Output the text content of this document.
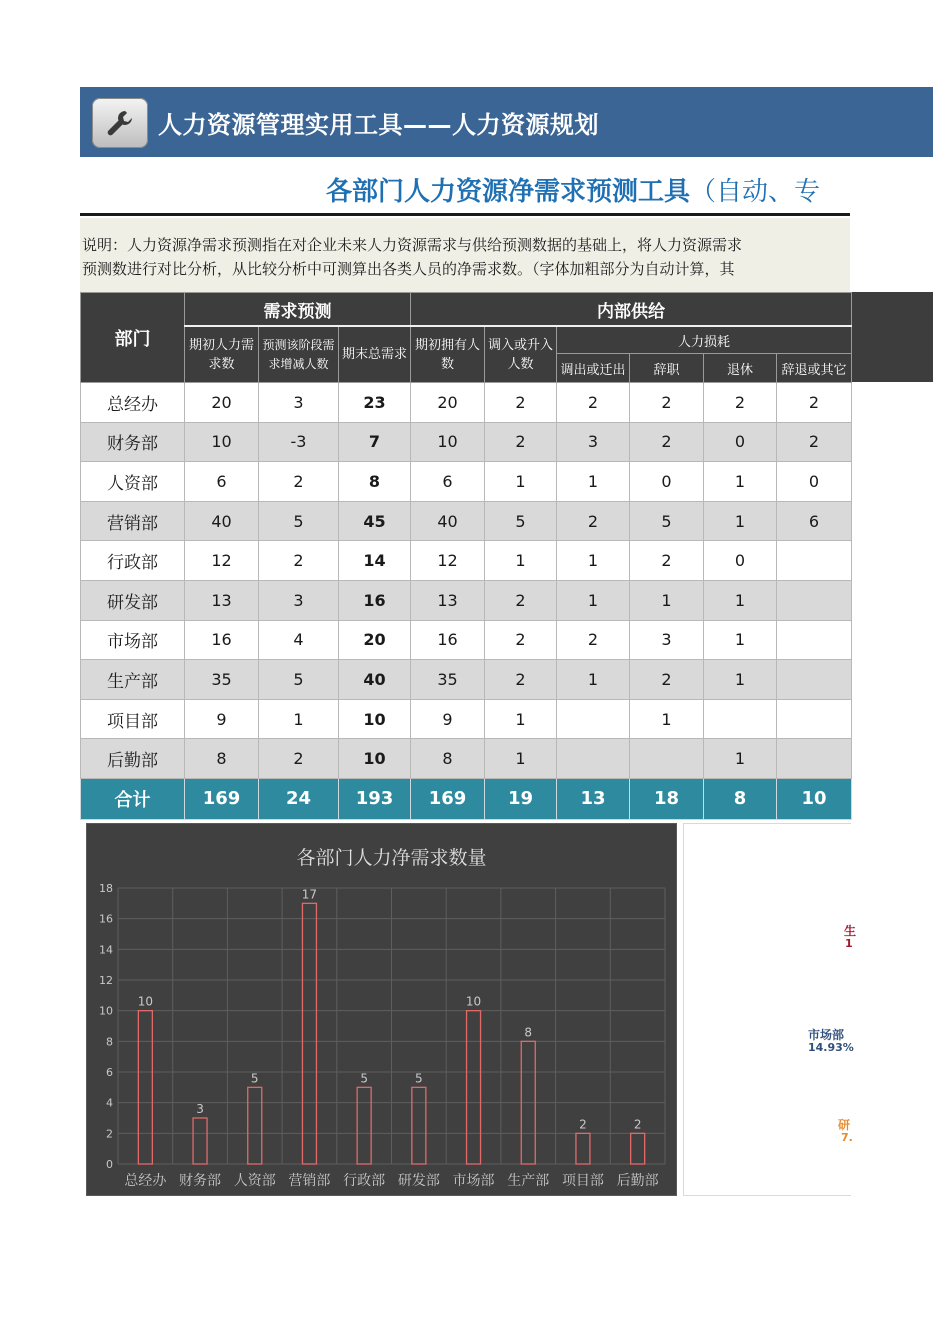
人力资源管理实用工具——人力资源规划
各部门人力资源净需求预测工具（自动、专
说明：人力资源净需求预测指在对企业未来人力资源需求与供给预测数据的基础上，将人力资源需求
预测数进行对比分析，从比较分析中可测算出各类人员的净需求数。（字体加粗部分为自动计算，其
部门	需求预测			内部供给					
	期初人力需求数	预测该阶段需求增减人数	期末总需求	期初拥有人数	调入或升入人数	人力损耗			
						调出或迁出	辞职	退休	辞退或其它
总经办	20	3	23	20	2	2	2	2	2
财务部	10	-3	7	10	2	3	2	0	2
人资部	6	2	8	6	1	1	0	1	0
营销部	40	5	45	40	5	2	5	1	6
行政部	12	2	14	12	1	1	2	0	
研发部	13	3	16	13	2	1	1	1	
市场部	16	4	20	16	2	2	3	1	
生产部	35	5	40	35	2	1	2	1	
项目部	9	1	10	9	1		1		
后勤部	8	2	10	8	1			1	
合计	169	24	193	169	19	13	18	8	10
各部门人力净需求数量
0
2
4
6
8
10
12
14
16
18
10
总经办
3
财务部
5
人资部
17
营销部
5
行政部
5
研发部
10
市场部
8
生产部
2
项目部
2
后勤部
生
1
市场部
14.93%
研
7.
